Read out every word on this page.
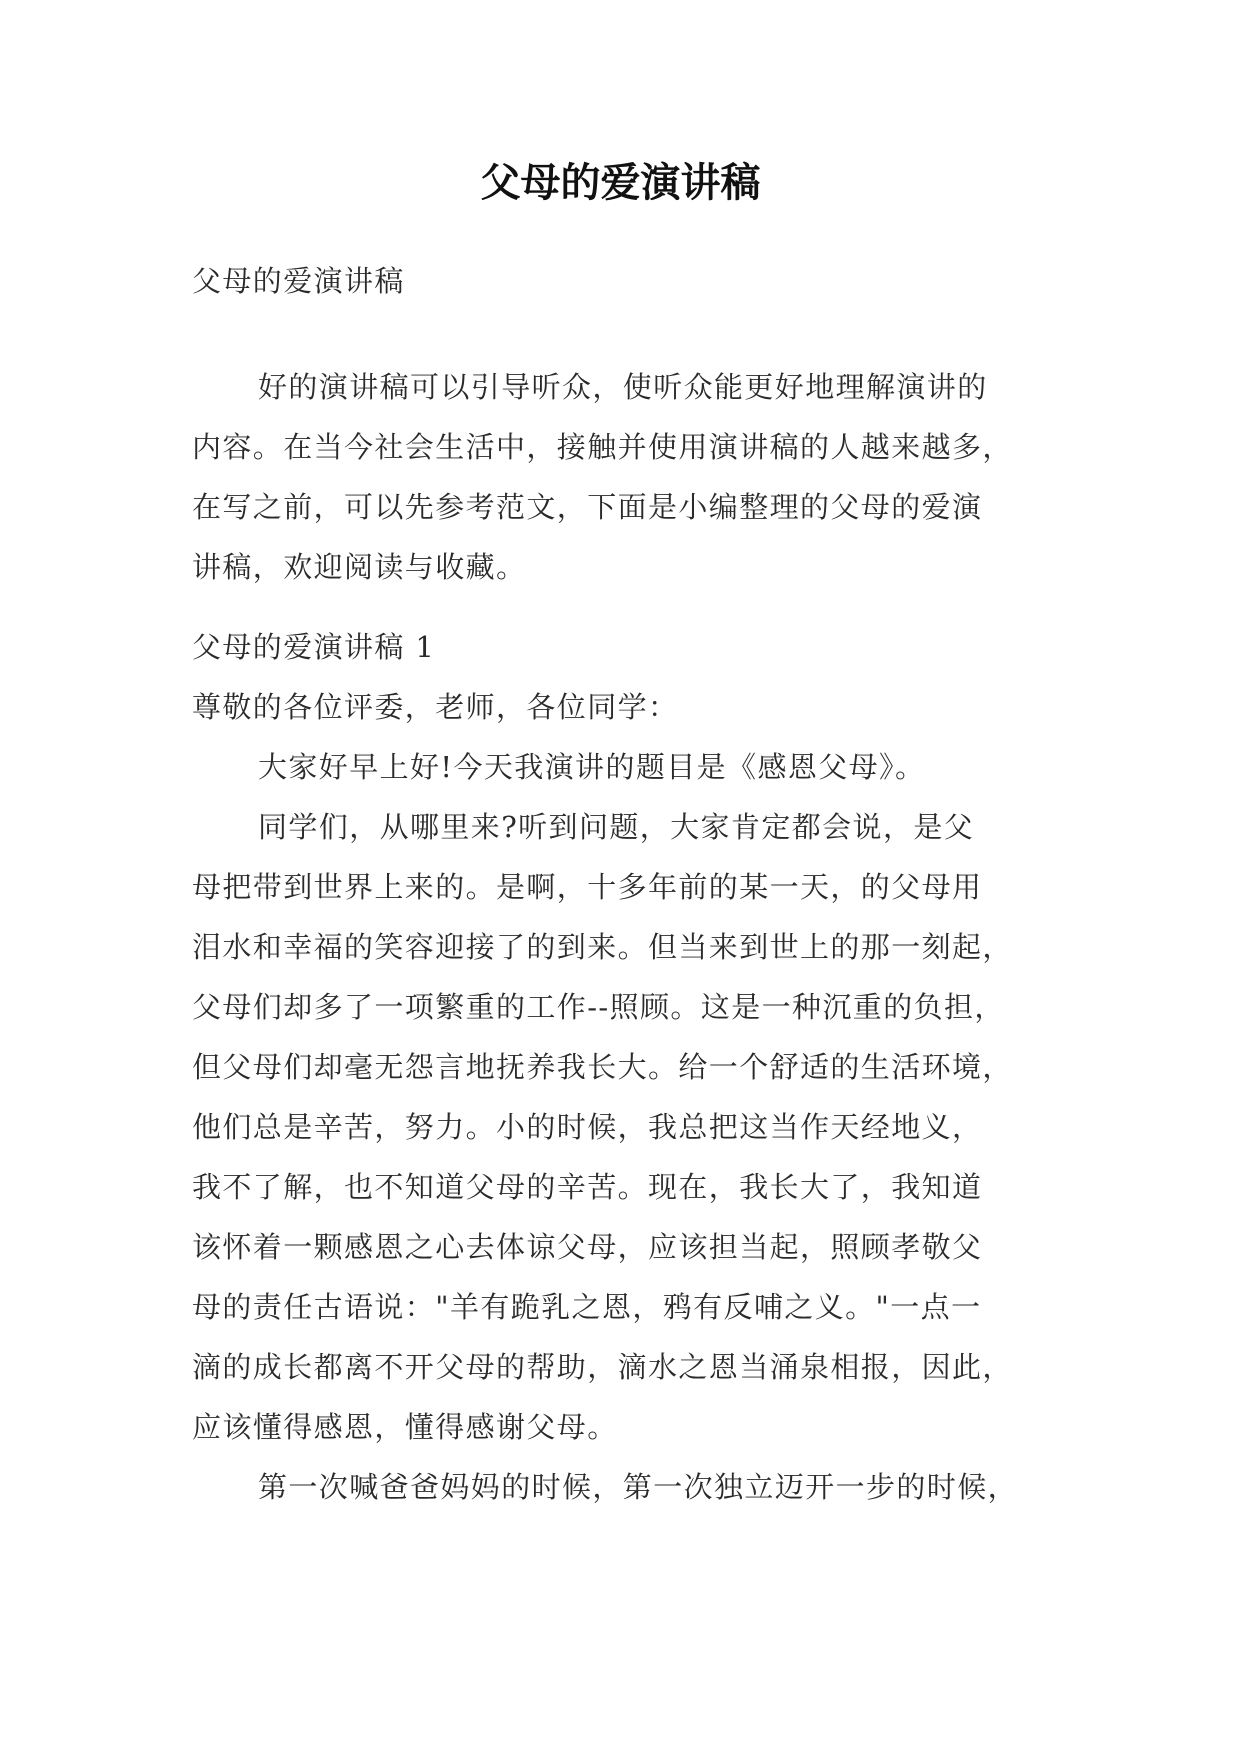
父母的爱演讲稿
父母的爱演讲稿
好的演讲稿可以引导听众，使听众能更好地理解演讲的
内容。在当今社会生活中，接触并使用演讲稿的人越来越多，
在写之前，可以先参考范文，下面是小编整理的父母的爱演
讲稿，欢迎阅读与收藏。
父母的爱演讲稿 1
尊敬的各位评委，老师，各位同学：
大家好早上好!今天我演讲的题目是《感恩父母》。
同学们，从哪里来?听到问题，大家肯定都会说，是父
母把带到世界上来的。是啊，十多年前的某一天，的父母用
泪水和幸福的笑容迎接了的到来。但当来到世上的那一刻起，
父母们却多了一项繁重的工作--照顾。这是一种沉重的负担，
但父母们却毫无怨言地抚养我长大。给一个舒适的生活环境，
他们总是辛苦，努力。小的时候，我总把这当作天经地义，
我不了解，也不知道父母的辛苦。现在，我长大了，我知道
该怀着一颗感恩之心去体谅父母，应该担当起，照顾孝敬父
母的责任古语说："羊有跪乳之恩，鸦有反哺之义。"一点一
滴的成长都离不开父母的帮助，滴水之恩当涌泉相报，因此，
应该懂得感恩，懂得感谢父母。
第一次喊爸爸妈妈的时候，第一次独立迈开一步的时候，
